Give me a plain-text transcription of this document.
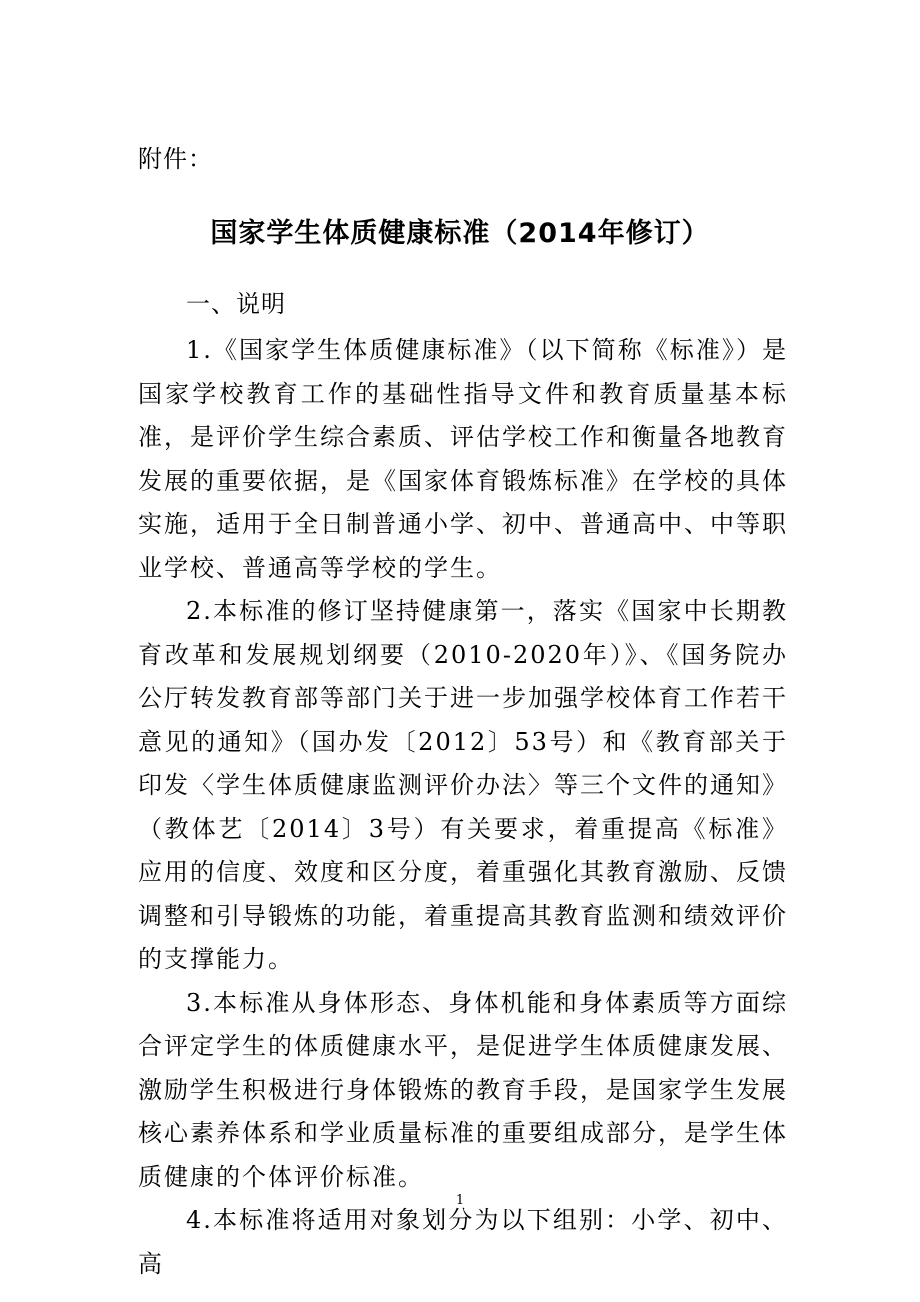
附件：
国家学生体质健康标准（2014年修订）
一、说明

1.《国家学生体质健康标准》（以下简称《标准》）是国家学校教育工作的基础性指导文件和教育质量基本标准，是评价学生综合素质、评估学校工作和衡量各地教育发展的重要依据，是《国家体育锻炼标准》在学校的具体实施，适用于全日制普通小学、初中、普通高中、中等职业学校、普通高等学校的学生。

2.本标准的修订坚持健康第一，落实《国家中长期教育改革和发展规划纲要（2010-2020年）》、《国务院办公厅转发教育部等部门关于进一步加强学校体育工作若干意见的通知》（国办发〔2012〕53号）和《教育部关于印发〈学生体质健康监测评价办法〉等三个文件的通知》（教体艺〔2014〕3号）有关要求，着重提高《标准》应用的信度、效度和区分度，着重强化其教育激励、反馈调整和引导锻炼的功能，着重提高其教育监测和绩效评价的支撑能力。

3.本标准从身体形态、身体机能和身体素质等方面综合评定学生的体质健康水平，是促进学生体质健康发展、激励学生积极进行身体锻炼的教育手段，是国家学生发展核心素养体系和学业质量标准的重要组成部分，是学生体质健康的个体评价标准。

4.本标准将适用对象划分为以下组别：小学、初中、高

1
